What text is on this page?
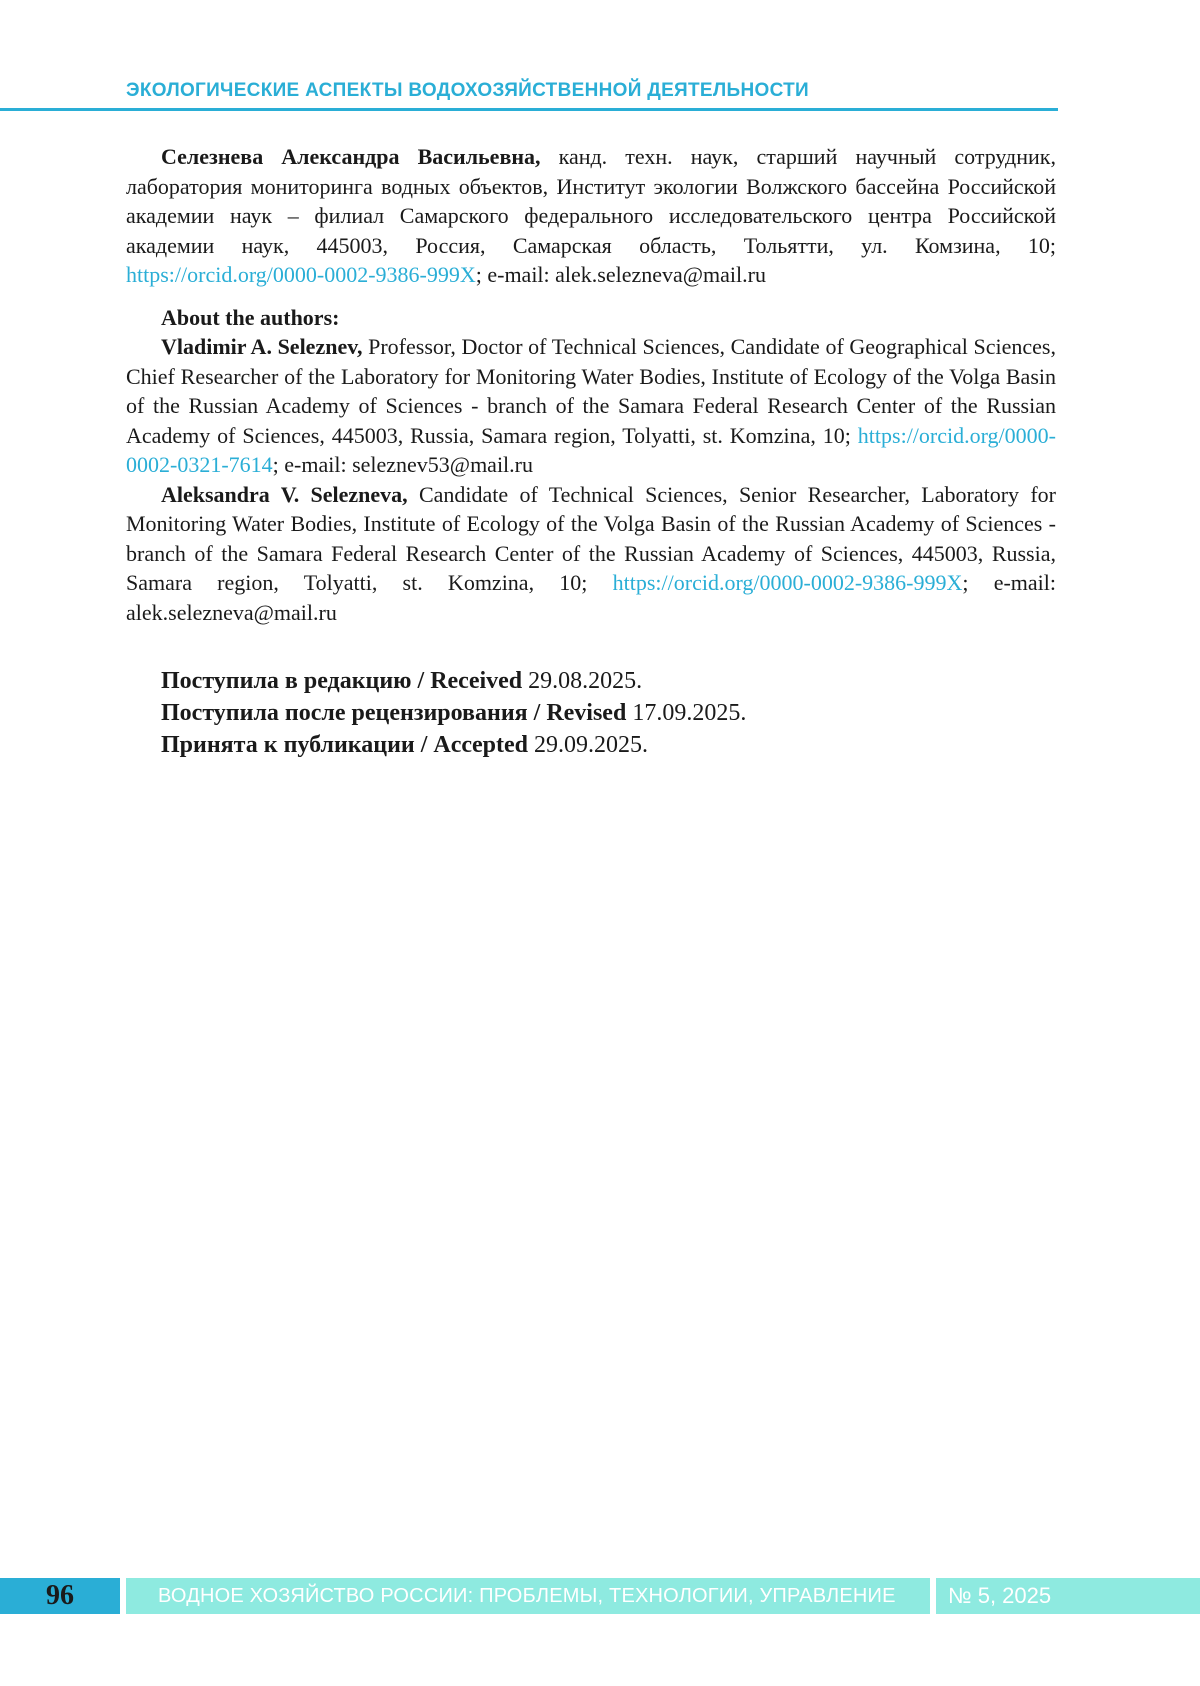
ЭКОЛОГИЧЕСКИЕ АСПЕКТЫ ВОДОХОЗЯЙСТВЕННОЙ ДЕЯТЕЛЬНОСТИ

Селезнева Александра Васильевна, канд. техн. наук, старший научный сотрудник, лаборатория мониторинга водных объектов, Институт экологии Волжского бассейна Российской академии наук – филиал Самарского федерального исследовательского центра Российской академии наук, 445003, Россия, Самарская область, Тольятти, ул. Комзина, 10; https://orcid.org/0000-0002-9386-999X; e-mail: alek.selezneva@mail.ru

About the authors:

Vladimir A. Seleznev, Professor, Doctor of Technical Sciences, Candidate of Geographical Sciences, Chief Researcher of the Laboratory for Monitoring Water Bodies, Institute of Ecology of the Volga Basin of the Russian Academy of Sciences - branch of the Samara Federal Research Center of the Russian Academy of Sciences, 445003, Russia, Samara region, Tolyatti, st. Komzina, 10; https://orcid.org/0000-0002-0321-7614; e-mail: seleznev53@mail.ru

Aleksandra V. Selezneva, Candidate of Technical Sciences, Senior Researcher, Laboratory for Monitoring Water Bodies, Institute of Ecology of the Volga Basin of the Russian Academy of Sciences - branch of the Samara Federal Research Center of the Russian Academy of Sciences, 445003, Russia, Samara region, Tolyatti, st. Komzina, 10; https://orcid.org/0000-0002-9386-999X; e-mail: alek.selezneva@mail.ru

Поступила в редакцию / Received 29.08.2025.

Поступила после рецензирования / Revised 17.09.2025.

Принята к публикации / Accepted 29.09.2025.

96	ВОДНОЕ ХОЗЯЙСТВО РОССИИ: ПРОБЛЕМЫ, ТЕХНОЛОГИИ, УПРАВЛЕНИЕ	№ 5, 2025
